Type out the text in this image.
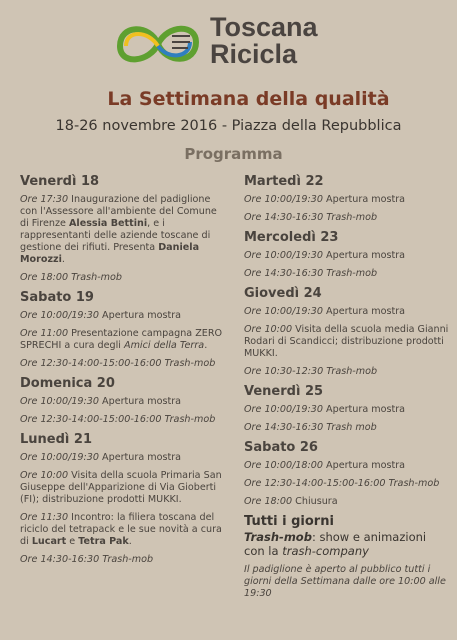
Toscana
Ricicla
La Settimana della qualità
18-26 novembre 2016 - Piazza della Repubblica
Programma
Venerdì 18
Ore 17:30 Inaugurazione del padiglione con l'Assessore all'ambiente del Comune di Firenze Alessia Bettini, e i rappresentanti delle aziende toscane di gestione dei rifiuti. Presenta Daniela Morozzi.
Ore 18:00 Trash-mob
Sabato 19
Ore 10:00/19:30 Apertura mostra
Ore 11:00 Presentazione campagna ZERO SPRECHI a cura degli Amici della Terra.
Ore 12:30-14:00-15:00-16:00 Trash-mob
Domenica 20
Ore 10:00/19:30 Apertura mostra
Ore 12:30-14:00-15:00-16:00 Trash-mob
Lunedì 21
Ore 10:00/19:30 Apertura mostra
Ore 10:00 Visita della scuola Primaria San Giuseppe dell'Apparizione di Via Gioberti (FI); distribuzione prodotti MUKKI.
Ore 11:30 Incontro: la filiera toscana del riciclo del tetrapack e le sue novità a cura di Lucart e Tetra Pak.
Ore 14:30-16:30 Trash-mob
Martedì 22
Ore 10:00/19:30 Apertura mostra
Ore 14:30-16:30 Trash-mob
Mercoledì 23
Ore 10:00/19:30 Apertura mostra
Ore 14:30-16:30 Trash-mob
Giovedì 24
Ore 10:00/19:30 Apertura mostra
Ore 10:00 Visita della scuola media Gianni Rodari di Scandicci; distribuzione prodotti MUKKI.
Ore 10:30-12:30 Trash-mob
Venerdì 25
Ore 10:00/19:30 Apertura mostra
Ore 14:30-16:30 Trash mob
Sabato 26
Ore 10:00/18:00 Apertura mostra
Ore 12:30-14:00-15:00-16:00 Trash-mob
Ore 18:00 Chiusura
Tutti i giorni
Trash-mob: show e animazioni con la trash-company
Il padiglione è aperto al pubblico tutti i giorni della Settimana dalle ore 10:00 alle 19:30
